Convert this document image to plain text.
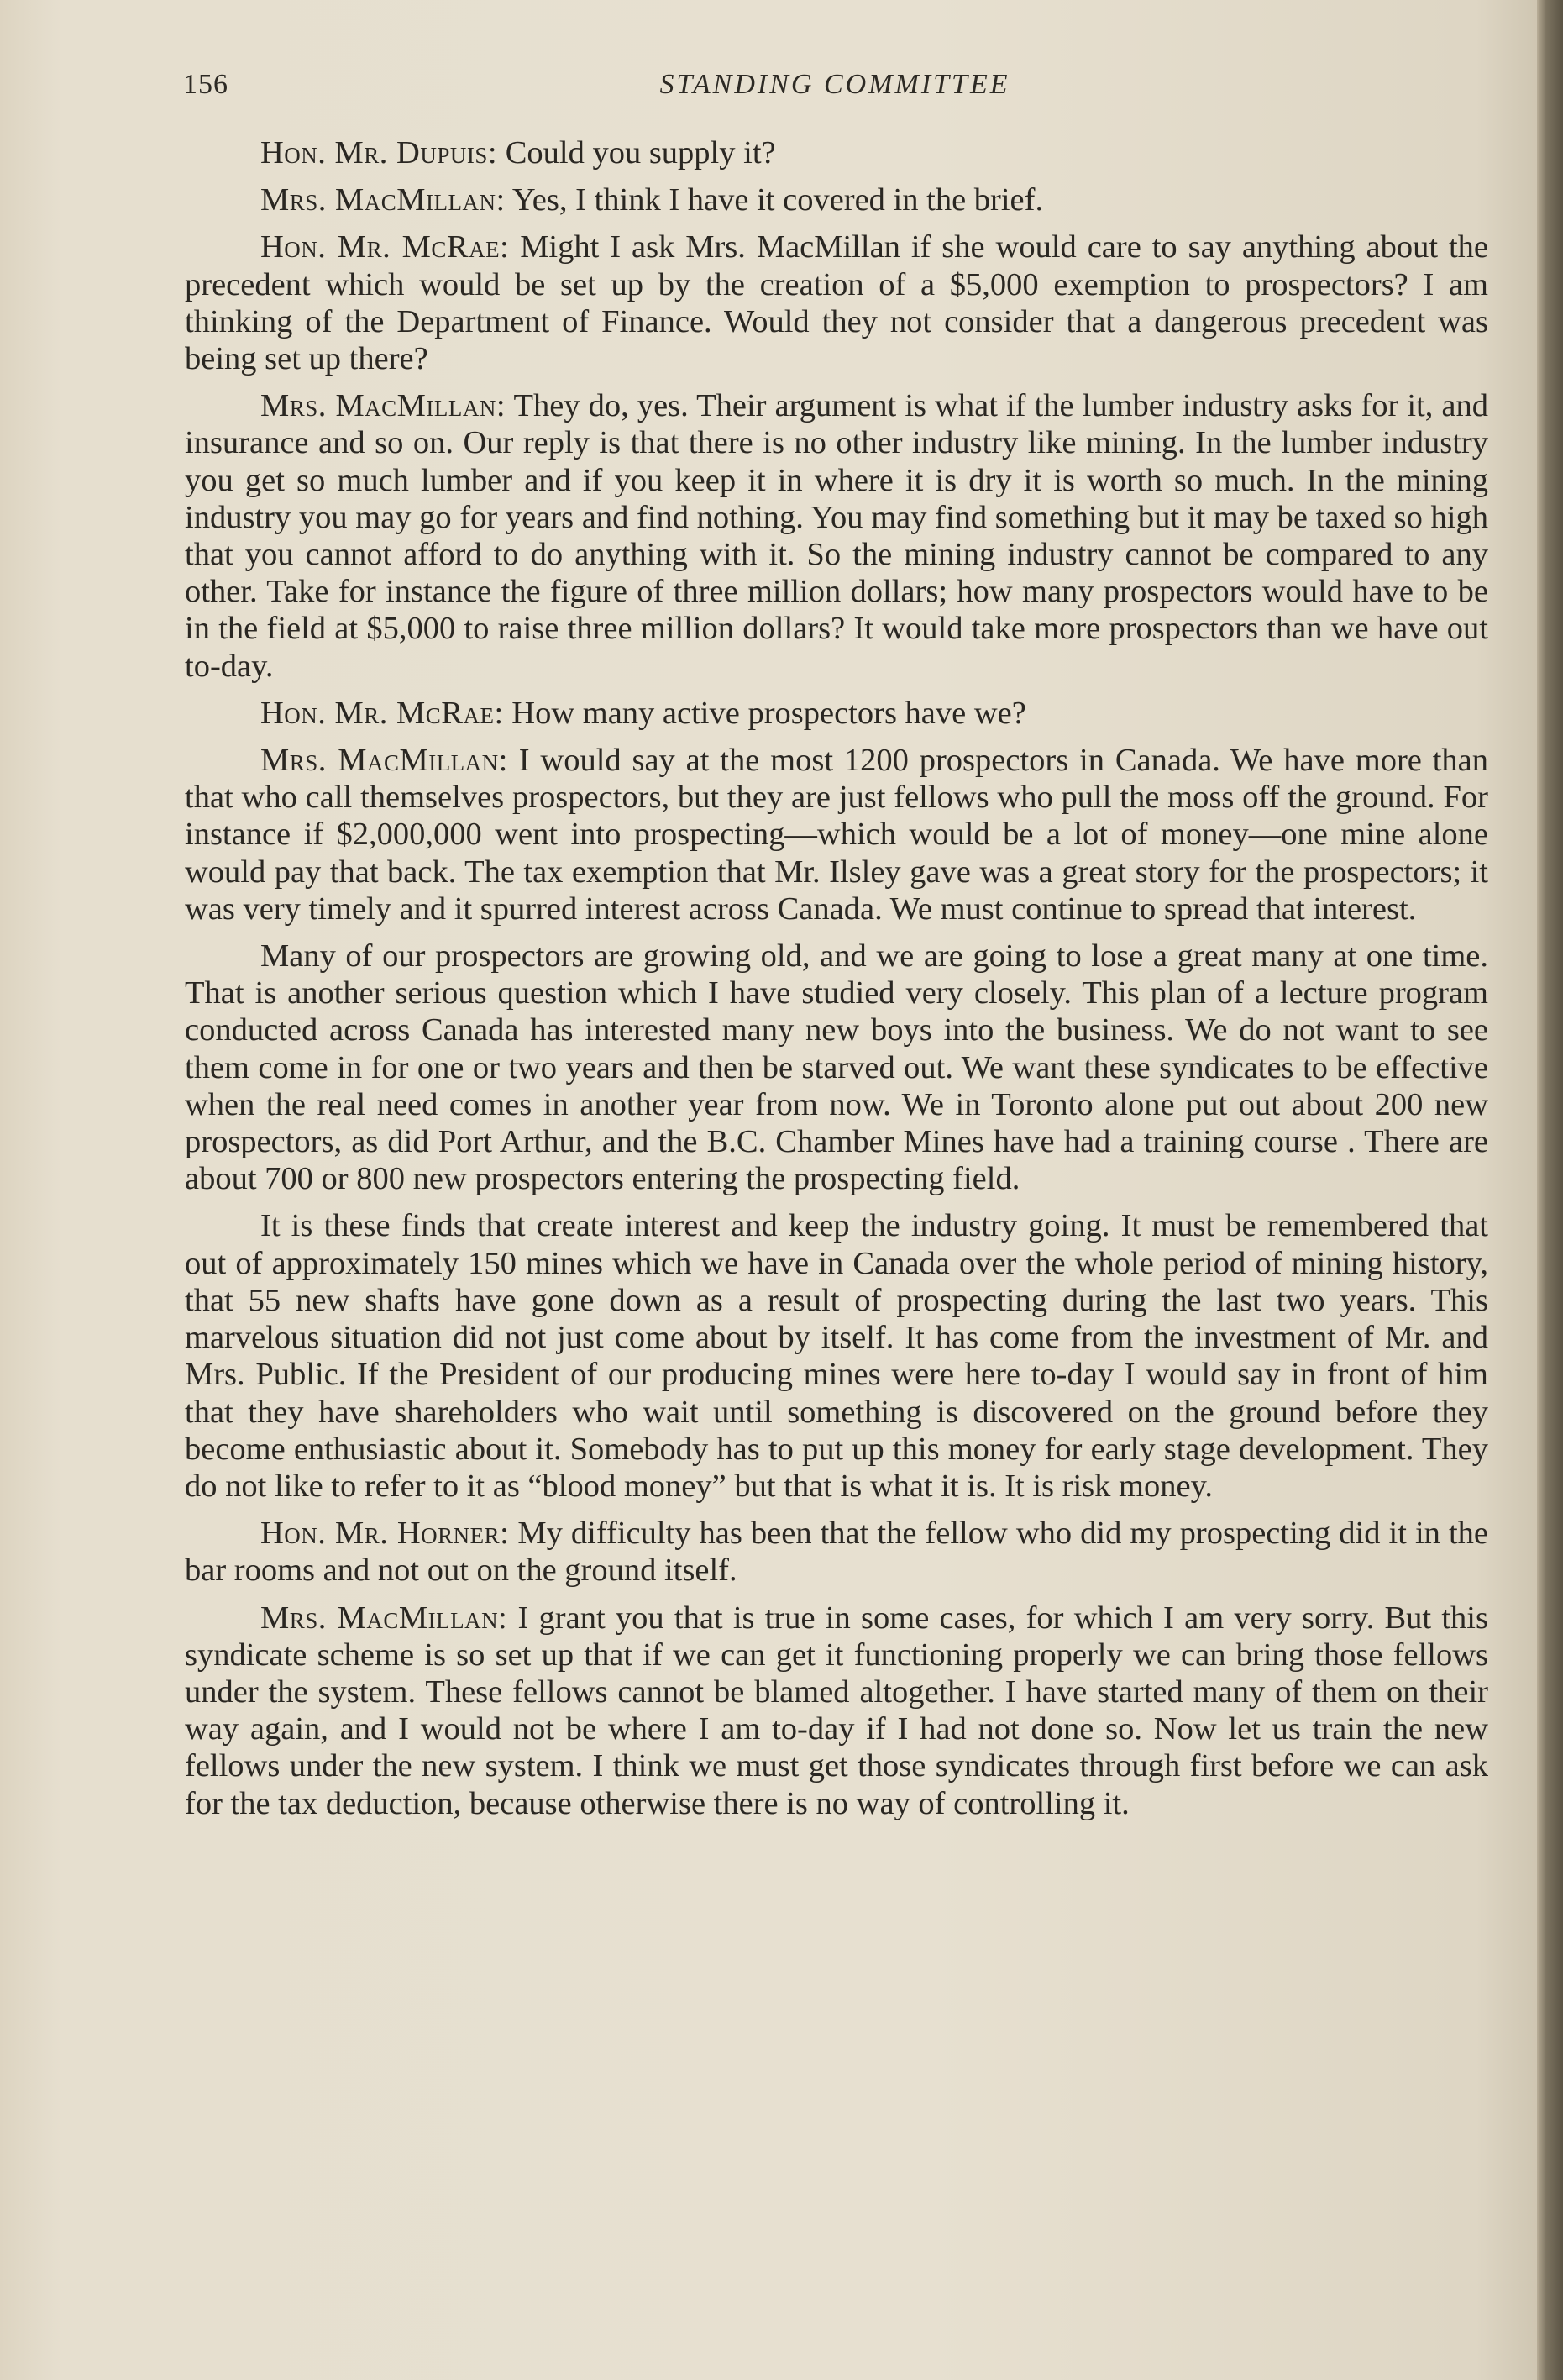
156	STANDING COMMITTEE

Hon. Mr. Dupuis: Could you supply it?

Mrs. MacMillan: Yes, I think I have it covered in the brief.

Hon. Mr. McRae: Might I ask Mrs. MacMillan if she would care to say anything about the precedent which would be set up by the creation of a $5,000 exemption to prospectors? I am thinking of the Department of Finance. Would they not consider that a dangerous precedent was being set up there?

Mrs. MacMillan: They do, yes. Their argument is what if the lumber industry asks for it, and insurance and so on. Our reply is that there is no other industry like mining. In the lumber industry you get so much lumber and if you keep it in where it is dry it is worth so much. In the mining industry you may go for years and find nothing. You may find something but it may be taxed so high that you cannot afford to do anything with it. So the mining industry cannot be compared to any other. Take for instance the figure of three million dollars; how many prospectors would have to be in the field at $5,000 to raise three million dollars? It would take more prospectors than we have out to-day.

Hon. Mr. McRae: How many active prospectors have we?

Mrs. MacMillan: I would say at the most 1200 prospectors in Canada. We have more than that who call themselves prospectors, but they are just fellows who pull the moss off the ground. For instance if $2,000,000 went into prospecting—which would be a lot of money—one mine alone would pay that back. The tax exemption that Mr. Ilsley gave was a great story for the prospectors; it was very timely and it spurred interest across Canada. We must continue to spread that interest.

Many of our prospectors are growing old, and we are going to lose a great many at one time. That is another serious question which I have studied very closely. This plan of a lecture program conducted across Canada has interested many new boys into the business. We do not want to see them come in for one or two years and then be starved out. We want these syndicates to be effective when the real need comes in another year from now. We in Toronto alone put out about 200 new prospectors, as did Port Arthur, and the B.C. Chamber Mines have had a training course . There are about 700 or 800 new prospectors entering the prospecting field.

It is these finds that create interest and keep the industry going. It must be remembered that out of approximately 150 mines which we have in Canada over the whole period of mining history, that 55 new shafts have gone down as a result of prospecting during the last two years. This marvelous situation did not just come about by itself. It has come from the investment of Mr. and Mrs. Public. If the President of our producing mines were here to-day I would say in front of him that they have shareholders who wait until something is discovered on the ground before they become enthusiastic about it. Somebody has to put up this money for early stage development. They do not like to refer to it as “blood money” but that is what it is. It is risk money.

Hon. Mr. Horner: My difficulty has been that the fellow who did my prospecting did it in the bar rooms and not out on the ground itself.

Mrs. MacMillan: I grant you that is true in some cases, for which I am very sorry. But this syndicate scheme is so set up that if we can get it functioning properly we can bring those fellows under the system. These fellows cannot be blamed altogether. I have started many of them on their way again, and I would not be where I am to-day if I had not done so. Now let us train the new fellows under the new system. I think we must get those syndicates through first before we can ask for the tax deduction, because otherwise there is no way of controlling it.
